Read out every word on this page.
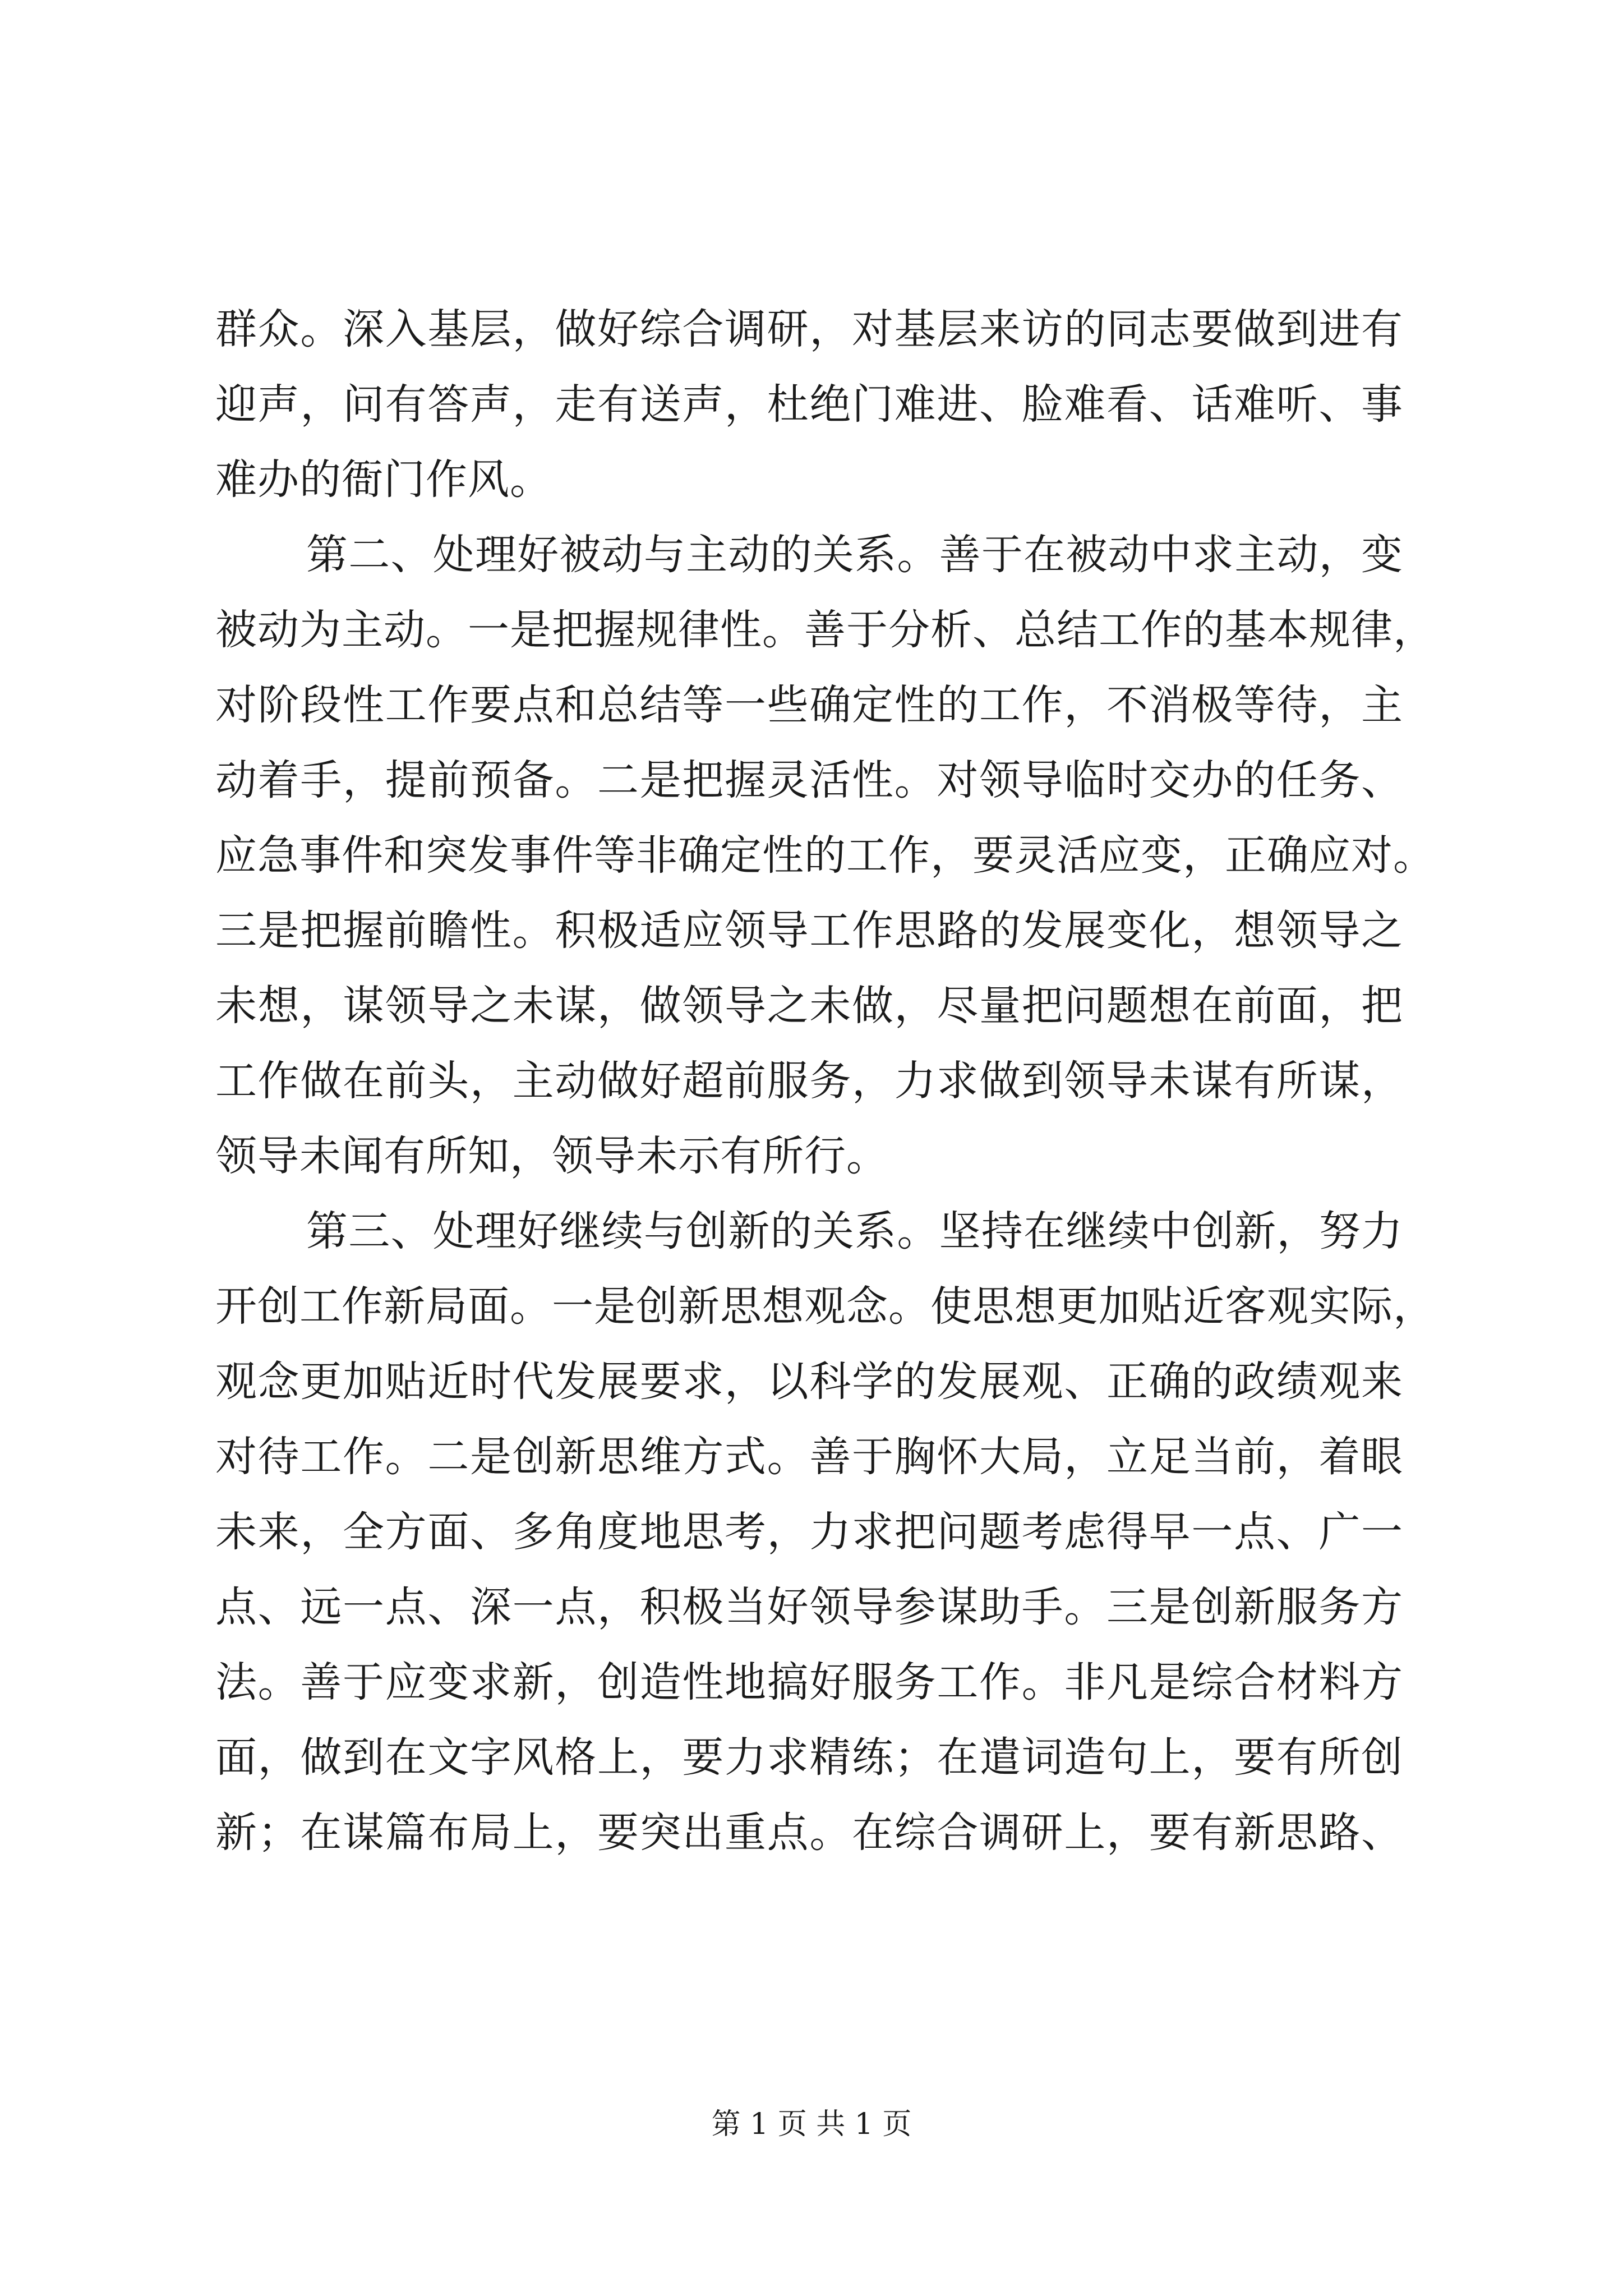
群众。深入基层，做好综合调研，对基层来访的同志要做到进有
迎声，问有答声，走有送声，杜绝门难进、脸难看、话难听、事
难办的衙门作风。
第二、处理好被动与主动的关系。善于在被动中求主动，变
被动为主动。一是把握规律性。善于分析、总结工作的基本规律，
对阶段性工作要点和总结等一些确定性的工作，不消极等待，主
动着手，提前预备。二是把握灵活性。对领导临时交办的任务、
应急事件和突发事件等非确定性的工作，要灵活应变，正确应对。
三是把握前瞻性。积极适应领导工作思路的发展变化，想领导之
未想，谋领导之未谋，做领导之未做，尽量把问题想在前面，把
工作做在前头，主动做好超前服务，力求做到领导未谋有所谋，
领导未闻有所知，领导未示有所行。
第三、处理好继续与创新的关系。坚持在继续中创新，努力
开创工作新局面。一是创新思想观念。使思想更加贴近客观实际，
观念更加贴近时代发展要求，以科学的发展观、正确的政绩观来
对待工作。二是创新思维方式。善于胸怀大局，立足当前，着眼
未来，全方面、多角度地思考，力求把问题考虑得早一点、广一
点、远一点、深一点，积极当好领导参谋助手。三是创新服务方
法。善于应变求新，创造性地搞好服务工作。非凡是综合材料方
面，做到在文字风格上，要力求精练；在遣词造句上，要有所创
新；在谋篇布局上，要突出重点。在综合调研上，要有新思路、
第 1 页 共 1 页
